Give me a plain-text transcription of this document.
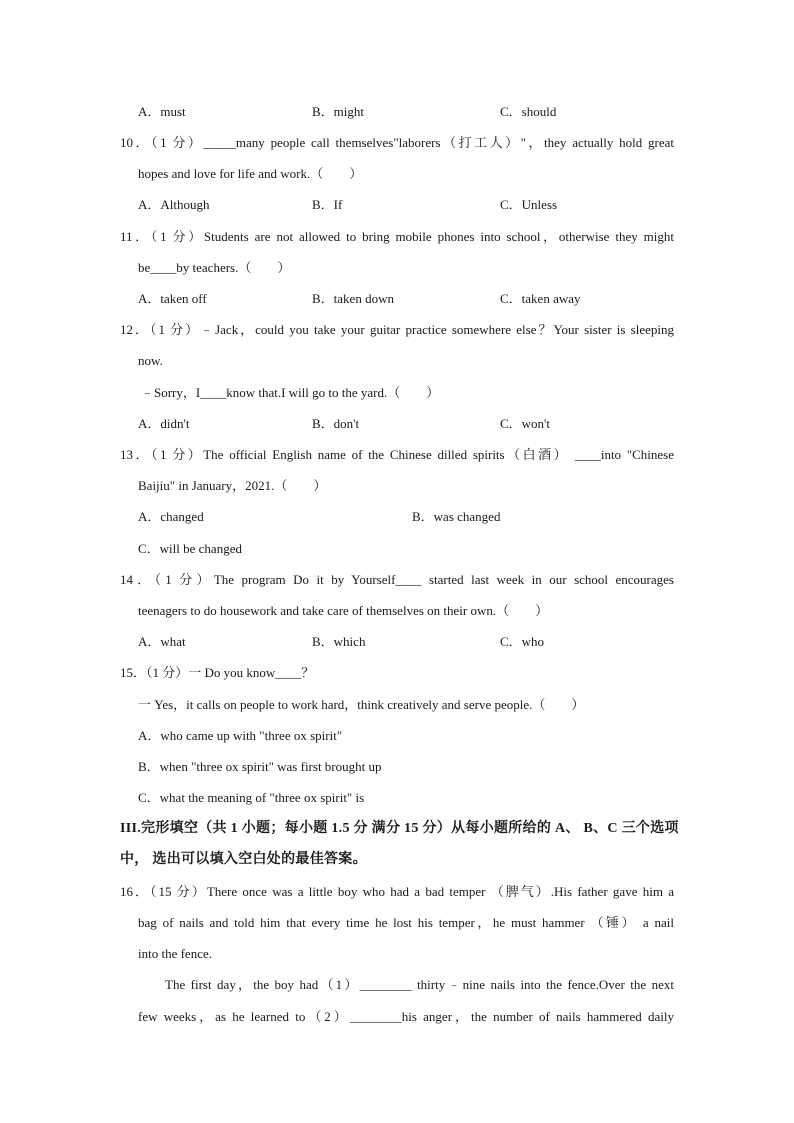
A．must	B．might	C．should
10．（1 分）_____many people call themselves"laborers（打工人）"，they actually hold great
hopes and love for life and work.（　　）
A．Although	B．If	C．Unless
11．（1 分）Students are not allowed to bring mobile phones into school，otherwise they might
be____by teachers.（　　）
A．taken off	B．taken down	C．taken away
12．（1 分）﹣Jack，could you take your guitar practice somewhere else？Your sister is sleeping
now.
﹣Sorry，I____know that.I will go to the yard.（　　）
A．didn't	B．don't	C．won't
13．（1 分）The official English name of the Chinese dilled spirits（白酒） ____into "Chinese
Baijiu" in January，2021.（　　）
A．changed	B．was changed
C．will be changed
14．（1 分）The program Do it by Yourself____ started last week in our school encourages
teenagers to do housework and take care of themselves on their own.（　　）
A．what	B．which	C．who
15．（1 分）一 Do you know____？
一 Yes，it calls on people to work hard，think creatively and serve people.（　　）
A．who came up with "three ox spirit"
B．when "three ox spirit" was first brought up
C．what the meaning of "three ox spirit" is
III.完形填空（共 1 小题；每小题 1.5 分 满分 15 分）从每小题所给的 A、 B、C 三个选项
中， 选出可以填入空白处的最佳答案。
16．（15 分）There once was a little boy who had a bad temper （脾气）.His father gave him a
bag of nails and told him that every time he lost his temper，he must hammer （锤） a nail
into the fence.
The first day，the boy had（1）________ thirty﹣nine nails into the fence.Over the next
few weeks，as he learned to（2）________his anger，the number of nails hammered daily
